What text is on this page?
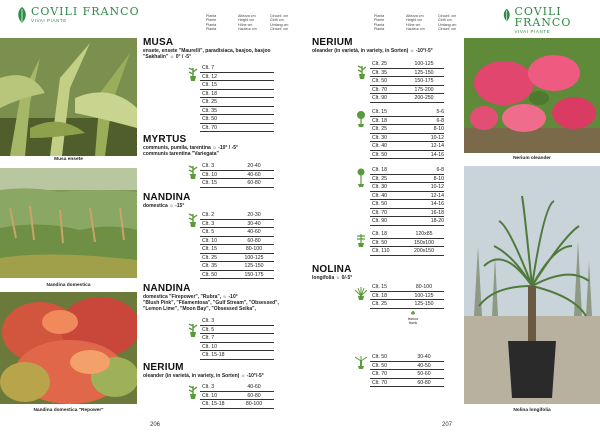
COVILI FRANCO
VIVAI PIANTE
Pianta
Plante
Planta
Planta
Altezza cm
Height cm
Höhe cm
Hauteur cm
Circonf. cm
Girth cm
Umfang cm
Circonf. cm
Musa ensete
Nandina domestica
Nandina domestica "Repower"
MUSA
ensete, ensete "Maurelli", paradisiaca, basjoo, basjoo "Sakhalin" ☼ 0° / -5°
Clt. 7
Clt. 12
Clt. 15
Clt. 18
Clt. 25
Clt. 35
Clt. 50
Clt. 70
MYRTUS
communis, pumila, tarentina ☼ -10° / -5°
communis tarentina "Variegata"
Clt. 3	20-40
Clt. 10	40-60
Clt. 15	60-80
NANDINA
domestica ☼ -15°
Clt. 2	20-30
Clt. 3	30-40
Clt. 5	40-60
Clt. 10	60-80
Clt. 15	80-100
Clt. 25	100-125
Clt. 35	125-150
Clt. 50	150-175
NANDINA
domestica "Firepower", "Rubra", ☼ -10°
"Blush Pink", "Filamentosa", "Gulf Stream", "Obsessed", "Lemon Lime", "Moon Bay", "Obsessed Seika",
Clt. 3
Clt. 5
Clt. 7
Clt. 10
Clt. 15-18
NERIUM
oleander (in varietà, in variety, in Sorten) ☼ -10°/-5°
Clt. 3	40-60
Clt. 10	60-80
Clt. 15-18	80-100
206
Pianta
Plante
Planta
Planta
Altezza cm
Height cm
Höhe cm
Hauteur cm
Circonf. cm
Girth cm
Umfang cm
Circonf. cm
COVILI FRANCO
VIVAI PIANTE
Nerium oleander
Nolina longifolia
NERIUM
oleander (in varietà, in variety, in Sorten) ☼ -10°/-5°
Clt. 25	100-125
Clt. 35	125-150
Clt. 50	150-175
Clt. 70	175-200
Clt. 90	200-250
Clt. 15	5-6
Clt. 18	6-8
Clt. 25	8-10
Clt. 30	10-12
Clt. 40	12-14
Clt. 50	14-16
Clt. 18	6-8
Clt. 25	8-10
Clt. 30	10-12
Clt. 40	12-14
Clt. 50	14-16
Clt. 70	16-18
Clt. 90	18-20
Clt. 18	120x85
Clt. 50	150x100
Clt. 110	200x150
NOLINA
longifolia ☼ 0/-5°
Clt. 15	80-100
Clt. 18	100-125
Clt. 25	125-150
♣
tronco
trunk
Clt. 50	30-40
Clt. 50	40-50
Clt. 70	50-60
Clt. 70	60-80
207
